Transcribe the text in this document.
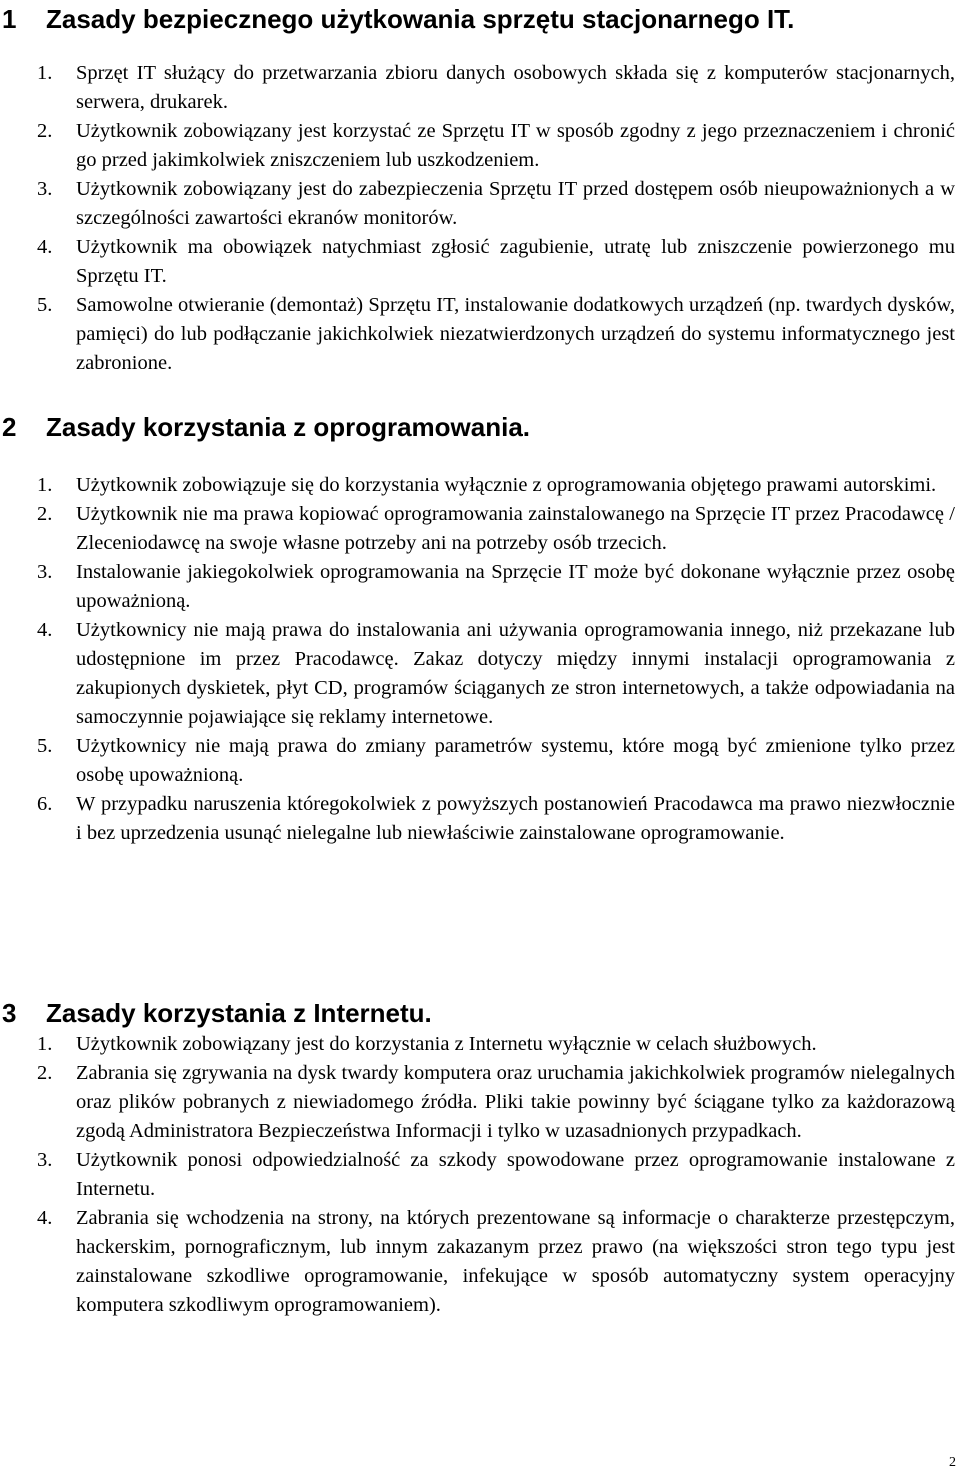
1 Zasady bezpiecznego użytkowania sprzętu stacjonarnego IT.
1. Sprzęt IT służący do przetwarzania zbioru danych osobowych składa się z komputerów stacjonarnych, serwera, drukarek.
2. Użytkownik zobowiązany jest korzystać ze Sprzętu IT w sposób zgodny z jego przeznaczeniem i chronić go przed jakimkolwiek zniszczeniem lub uszkodzeniem.
3. Użytkownik zobowiązany jest do zabezpieczenia Sprzętu IT przed dostępem osób nieupoważnionych a w szczególności zawartości ekranów monitorów.
4. Użytkownik ma obowiązek natychmiast zgłosić zagubienie, utratę lub zniszczenie powierzonego mu Sprzętu IT.
5. Samowolne otwieranie (demontaż) Sprzętu IT, instalowanie dodatkowych urządzeń (np. twardych dysków, pamięci) do lub podłączanie jakichkolwiek niezatwierdzonych urządzeń do systemu informatycznego jest zabronione.
2 Zasady korzystania z oprogramowania.
1. Użytkownik zobowiązuje się do korzystania wyłącznie z oprogramowania objętego prawami autorskimi.
2. Użytkownik nie ma prawa kopiować oprogramowania zainstalowanego na Sprzęcie IT przez Pracodawcę / Zleceniodawcę na swoje własne potrzeby ani na potrzeby osób trzecich.
3. Instalowanie jakiegokolwiek oprogramowania na Sprzęcie IT może być dokonane wyłącznie przez osobę upoważnioną.
4. Użytkownicy nie mają prawa do instalowania ani używania oprogramowania innego, niż przekazane lub udostępnione im przez Pracodawcę. Zakaz dotyczy między innymi instalacji oprogramowania z zakupionych dyskietek, płyt CD, programów ściąganych ze stron internetowych, a także odpowiadania na samoczynnie pojawiające się reklamy internetowe.
5. Użytkownicy nie mają prawa do zmiany parametrów systemu, które mogą być zmienione tylko przez osobę upoważnioną.
6. W przypadku naruszenia któregokolwiek z powyższych postanowień Pracodawca ma prawo niezwłocznie i bez uprzedzenia usunąć nielegalne lub niewłaściwie zainstalowane oprogramowanie.
3 Zasady korzystania z Internetu.
1. Użytkownik zobowiązany jest do korzystania z Internetu wyłącznie w celach służbowych.
2. Zabrania się zgrywania na dysk twardy komputera oraz uruchamia jakichkolwiek programów nielegalnych oraz plików pobranych z niewiadomego źródła. Pliki takie powinny być ściągane tylko za każdorazową zgodą Administratora Bezpieczeństwa Informacji i tylko w uzasadnionych przypadkach.
3. Użytkownik ponosi odpowiedzialność za szkody spowodowane przez oprogramowanie instalowane z Internetu.
4. Zabrania się wchodzenia na strony, na których prezentowane są informacje o charakterze przestępczym, hackerskim, pornograficznym, lub innym zakazanym przez prawo (na większości stron tego typu jest zainstalowane szkodliwe oprogramowanie, infekujące w sposób automatyczny system operacyjny komputera szkodliwym oprogramowaniem).
2
